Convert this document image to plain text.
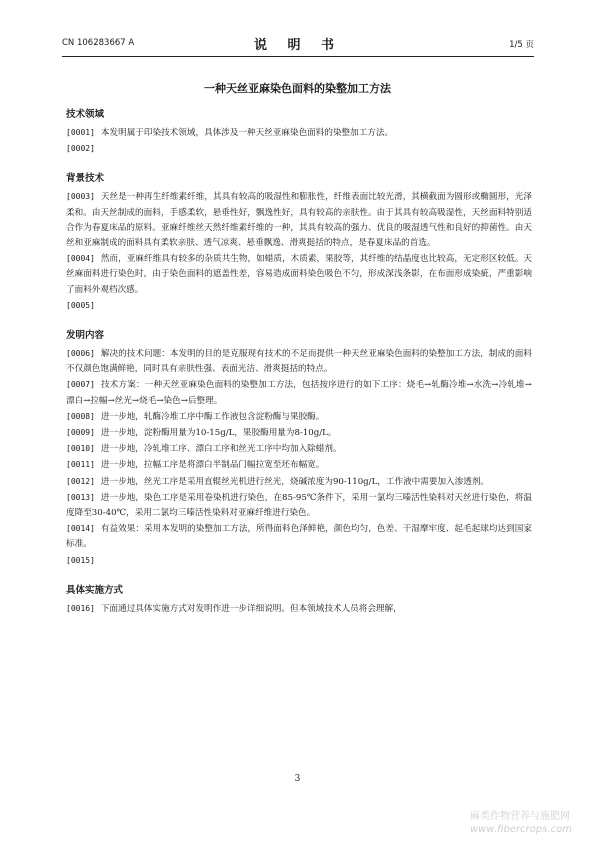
CN 106283667 A	说 明 书	1/5 页
一种天丝亚麻染色面料的染整加工方法
技术领域

[0001] 本发明属于印染技术领域，具体涉及一种天丝亚麻染色面料的染整加工方法。

[0002]

背景技术

[0003] 天丝是一种再生纤维素纤维，其具有较高的吸湿性和膨胀性，纤维表面比较光滑，其横截面为圆形或椭圆形，光泽柔和。由天丝制成的面料，手感柔软，悬垂性好，飘逸性好，具有较高的亲肤性。由于其具有较高吸湿性，天丝面料特别适合作为春夏床品的原料。亚麻纤维丝天然纤维素纤维的一种，其具有较高的强力、优良的吸湿透气性和良好的抑菌性。由天丝和亚麻制成的面料具有柔软亲肤、透气凉爽、悬垂飘逸、滑爽挺括的特点，是春夏床品的首选。

[0004] 然而，亚麻纤维具有较多的杂质共生物，如蜡质，木质素，果胶等，其纤维的结晶度也比较高，无定形区较低。天丝麻面料进行染色时，由于染色面料的遮盖性差，容易造成面料染色吸色不匀，形成深浅条影，在布面形成染疵，严重影响了面料外观档次感。

[0005]

发明内容

[0006] 解决的技术问题：本发明的目的是克服现有技术的不足而提供一种天丝亚麻染色面料的染整加工方法，制成的面料不仅颜色饱满鲜艳，同时具有亲肤性强、表面光洁、滑爽挺括的特点。

[0007] 技术方案：一种天丝亚麻染色面料的染整加工方法，包括按序进行的如下工序：烧毛→轧酶冷堆→水洗→冷轧堆→漂白→拉幅→丝光→烧毛→染色→后整理。

[0008] 进一步地，轧酶冷堆工序中酶工作液包含淀粉酶与果胶酶。

[0009] 进一步地，淀粉酶用量为10-15g/L，果胶酶用量为8-10g/L。

[0010] 进一步地，冷轧堆工序、漂白工序和丝光工序中均加入除蜡剂。

[0011] 进一步地，拉幅工序是将漂白半制品门幅拉宽至坯布幅宽。

[0012] 进一步地，丝光工序是采用直辊丝光机进行丝光，烧碱浓度为90-110g/L，工作液中需要加入渗透剂。

[0013] 进一步地，染色工序是采用卷染机进行染色，在85-95℃条件下，采用一氯均三嗪活性染料对天丝进行染色，将温度降至30-40℃，采用二氯均三嗪活性染料对亚麻纤维进行染色。

[0014] 有益效果：采用本发明的染整加工方法，所得面料色泽鲜艳，颜色均匀，色差、干湿摩牢度、起毛起球均达到国家标准。

[0015]

具体实施方式

[0016] 下面通过具体实施方式对发明作进一步详细说明。但本领域技术人员将会理解，

3
麻类作物营养与施肥网
www.fibercrops.com
